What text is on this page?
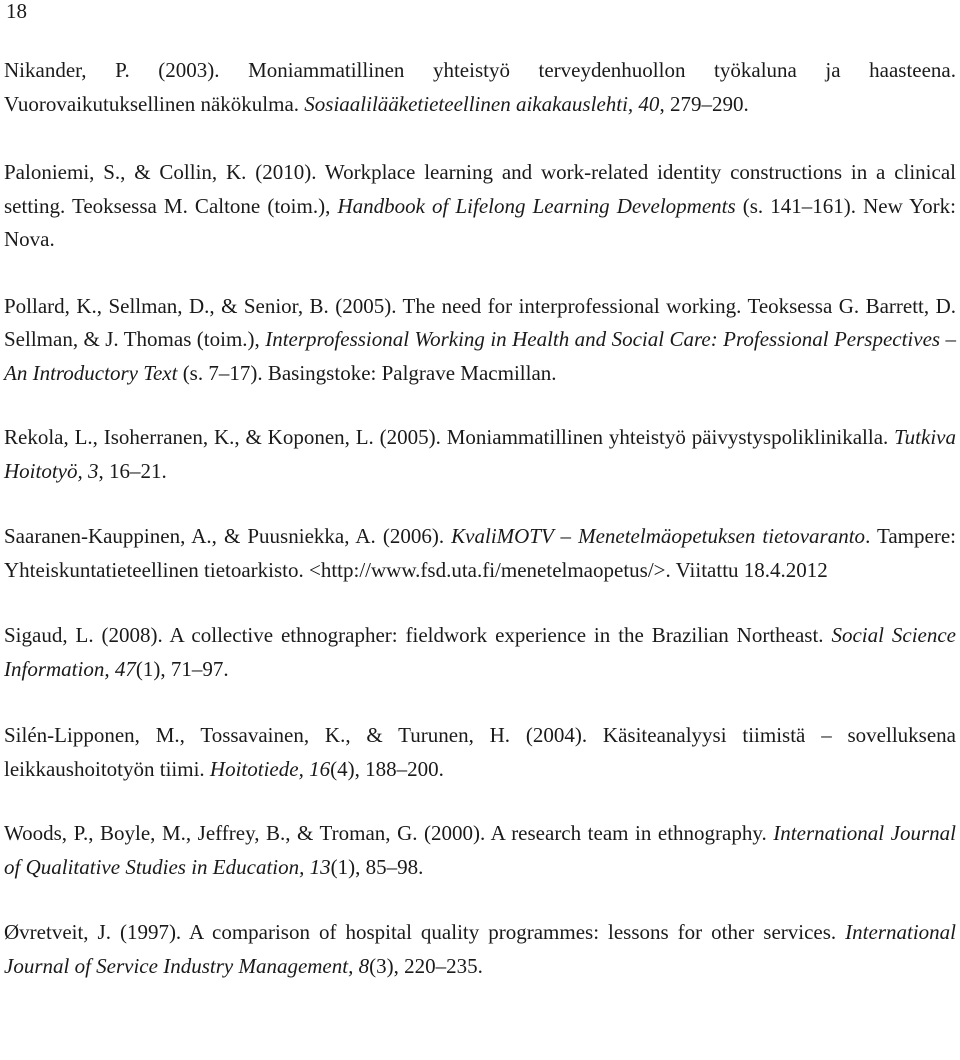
18
Nikander, P. (2003). Moniammatillinen yhteistyö terveydenhuollon työkaluna ja haasteena. Vuorovaikutuksellinen näkökulma. Sosiaalilääketieteellinen aikakauslehti, 40, 279–290.
Paloniemi, S., & Collin, K. (2010). Workplace learning and work-related identity constructions in a clinical setting. Teoksessa M. Caltone (toim.), Handbook of Lifelong Learning Developments (s. 141–161). New York: Nova.
Pollard, K., Sellman, D., & Senior, B. (2005). The need for interprofessional working. Teoksessa G. Barrett, D. Sellman, & J. Thomas (toim.), Interprofessional Working in Health and Social Care: Professional Perspectives – An Introductory Text (s. 7–17). Basingstoke: Palgrave Macmillan.
Rekola, L., Isoherranen, K., & Koponen, L. (2005). Moniammatillinen yhteistyö päivystyspoliklinikalla. Tutkiva Hoitotyö, 3, 16–21.
Saaranen-Kauppinen, A., & Puusniekka, A. (2006). KvaliMOTV – Menetelmäopetuksen tietovaranto. Tampere: Yhteiskuntatieteellinen tietoarkisto. <http://www.fsd.uta.fi/menetelmaopetus/>. Viitattu 18.4.2012
Sigaud, L. (2008). A collective ethnographer: fieldwork experience in the Brazilian Northeast. Social Science Information, 47(1), 71–97.
Silén-Lipponen, M., Tossavainen, K., & Turunen, H. (2004). Käsiteanalyysi tiimistä – sovelluksena leikkaushoitotyön tiimi. Hoitotiede, 16(4), 188–200.
Woods, P., Boyle, M., Jeffrey, B., & Troman, G. (2000). A research team in ethnography. International Journal of Qualitative Studies in Education, 13(1), 85–98.
Øvretveit, J. (1997). A comparison of hospital quality programmes: lessons for other services. International Journal of Service Industry Management, 8(3), 220–235.
